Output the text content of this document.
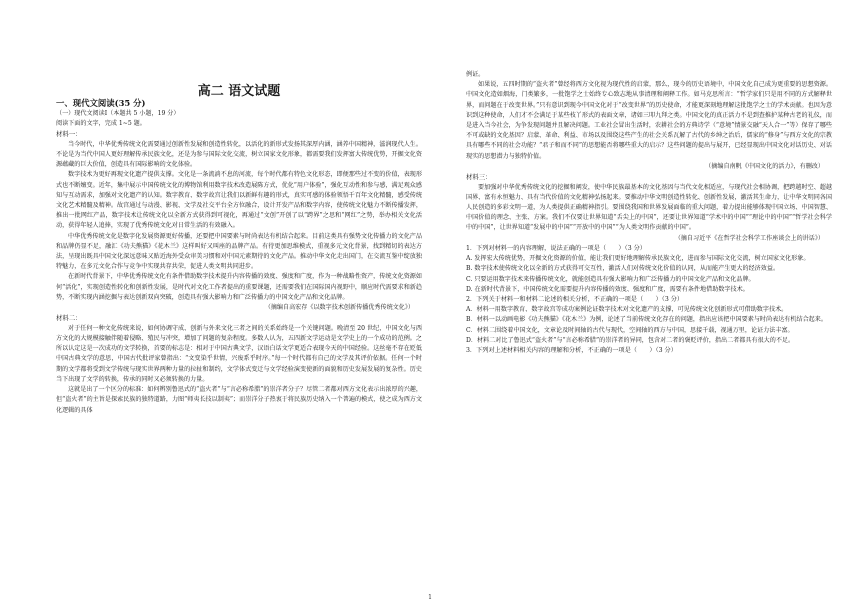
高二 语文试题

一、现代文阅读(35 分)

（一）现代文阅读Ⅰ（本题共 5 小题，19 分）

阅读下面的文字，完成 1~5 题。

材料一：

当今时代，中华优秀传统文化需要通过创新性发展和创造性转化，以活化的新形式发扬其深厚内涵，涵养中国精神，滋润现代人生。不论是为当代中国人更好理解传承民族文化，还是为参与国际文化交流，树立国家文化形象，都需要我们发挥富大传统优势，开掘文化资源蕴藏的巨大价值，创造具有国际影响的文化体验。

数字技术为更好再现文化遗产提供支撑。文化是一条流淌不息的河流，每个时代都有特色文化形态，即便那些过不变的价值，表现形式也不断嬗变。近年，集中展示中国传统文化的博物馆利用数字技术改造展陈方式，优化“用户体验”，强化互动性和参与感，满足观众感知与互动需求，加强对文化遗产的认知。数字教育、数字故宫让我们以新鲜有趣的形式，真实可感的体验领悟千百年文化精髓，感受传统文化艺术精髓及精神。故宫通过与动漫、影视、文学及社交平台全方位融合，设计开发产品和数字内容，使传统文化魅力不断传播发挥，推出一批网红产品，数字技术让传统文化以全新方式获得到可视化，再通过“文创”开创了以“跨界”之思和“网红”之势，举办相关文化活动，获得年轻人追捧，实现了优秀传统文化对日常生活的有效融入。

中华优秀传统文化是数字化发展资源更好传播，还要把中国要素与时尚表达有机结合起来。目前这类具有强势文化传播力的文化产品和品牌仍显不足，融汇《功夫熊猫》《花木兰》这样叫好又叫座的品牌产品。有待更加思维模式，重视多元文化背景，找到精切的表达方法，呈现出既具中国文化深远意味又贴近海外受众审美习惯和对中国元素期待的文化产品。推动中华文化走出国门，在交流互鉴中绽放独特魅力，在多元文化合作与竞争中实现共存共荣，促进人类文明共同进步。

在新时代背景下，中华优秀传统文化有条件借助数字技术提升内容传播的效度、强度和广度，作为一种战略性资产，传统文化资源如何“活化”，实现创造性转化和创新性发展，是时代对文化工作者提出的重要课题，还需要我们在国际国内视野中，顺应时代需要求和新趋势，不断实现内涵挖掘与表达创新双向突破，创造具有强大影响力和广泛传播力的中国文化产品和文化品牌。

（摘编自高宏存《以数字技术创新传播优秀传统文化》）

材料二：

对于任何一种文化传统来说，如何协调守成、创新与外来文化三者之间的关系始终是一个关键问题。晚清至 20 世纪，中国文化与西方文化的大规模接触伴随着侵略、殖民与冲突，增加了问题的复杂程度。多数人认为，五四新文学运动是文学史上的一个成功的范例。之所以认定这是一次成功的文学转换，首要的标志是：相对于中国古典文学，汉语白话文学更适合表现今天的中国经验。这丝毫不存在贬低中国古典文学的意思，中国古代批评家曾指出：“文变染乎世情，兴废系乎时序。”每一个时代都有自己的文学及其评价依据。任何一个时期的文学都将受到文学传统与现实世界两种力量的拉扯和制约，文学体式变迁与文学经验演变使新的面貌和历史发展发展的复杂性。历史当下出现了文学的转换，传承的同时又必须转换的力量。

这就是出了一个区分的标准：如何辨别鲁迅式的“盗火者”与“言必称希腊”的崇洋者分子？尽管二者都对西方文化表示出浓厚的兴趣，但“盗火者”的主旨是探索民族的独特道路，力图“师夷长技以制夷”；而崇洋分子热衷于将民族历史纳入一个普遍的模式，使之成为西方文化逻辑的具体

例证。

如果说，五四时期的“盗火者”曾经将西方文化视为现代性的启蒙，那么，现今的历史语境中，中国文化自己成为更重要的思想资源。中国文化造如烟海，门类繁多，一批饱学之士始终专心致志地从事清理和阐释工作。如马克思所言：“哲学家们只是用不同的方式解释世界，而问题在于改变世界。”只有意识到现今中国文化对于“改变世界”的历史使命，才能更深刻地理解这批饱学之士的学术贡献。也因为意识到这种使命，人们才不会满足于某些枝丫形式的表面文章，诸如三叩九拜之类。中国文化的真正活力不是到查推护某种古老的礼仪，而是进入当今社会，为争发现问题并且解决问题。工业社会冒出生活时，农耕社会的方典诗学（“意境”情景交融“天人合一”等）保存了哪些不可或缺的文化基因？启蒙、革命、利益、市场以及围绕这些产生的社会关系瓦解了古代的乡绅之治后，儒家的“修身”与西方文化的宗教具有哪些不同的社会功能？“君子和而不同”的思想能否将哪些重大的启示？这些问题的提出与展开，已经显现出中国文化对话历史、对话现实的思想潜力与独特价值。

（摘编自南帆《中国文化的活力》，有删改）

材料三：

要加强对中华优秀传统文化的挖掘和阐发，使中华民族最基本的文化基因与当代文化相适应，与现代社会相协调，把跨越时空、超越国界、富有永恒魅力、具有当代价值的文化精神弘扬起来。要推动中华文明创造性转化、创新性发展，激活其生命力，让中华文明同各国人民创造的多彩文明一道，为人类提供正确精神指引。要围绕我国和世界发展面临的重大问题，着力提出能够体现中国立场、中国智慧、中国价值的理念、主张、方案。我们不仅要让世界知道“舌尖上的中国”，还要让世界知道“学术中的中国”“理论中的中国”“哲学社会科学中的中国”，让世界知道“发展中的中国”“开放中的中国”“为人类文明作贡献的中国”。

（摘自习近平《在哲学社会科学工作座谈会上的讲话》）

1．下列对材料一的内容理解，说法正确的一项是（　　）（3 分）

A. 发挥宏大传统优势，开掘文化资源的价值，能让我们更好地理解传承民族文化，进而参与国际文化交流，树立国家文化形象。

B. 数字技术使传统文化以全新的方式获得可交互性，激活人们对传统文化价值的认同，从而能产生更大的经济效益。

C. 只要运用数字技术来传播传统文化，就能创造具有强大影响力和广泛传播力的中国文化产品和文化品牌。

D. 在新时代背景下，中国传统文化需要提升内容传播的效度、强度和广度，需要有条件地借助数字技术。

2．下列关于材料一和材料二论述的相关分析，不正确的一项是（　　）（3 分）

A．材料一用数字教育、数字故宫等成功案例论证数字技术对文化遗产的支撑，可见传统文化创新形式可借助数字技术。

B．材料一以动画电影《功夫熊猫》《花木兰》为例，论述了当前传统文化存在的问题，指出应该把中国要素与时尚表达有机结合起来。

C．材料二围绕着中国文化，文章论及时间轴的古代与现代，空间轴的西方与中国，思接千载，视通万里，论证力法丰富。

D．材料二对比了鲁迅式“盗火者”与“言必称希腊”的崇洋者的异同，包含对二者的褒贬评价，指出二者都具有很大的不足。

3．下列对上述材料相关内容的理解和分析，不正确的一项是（　　）（3 分）

1
